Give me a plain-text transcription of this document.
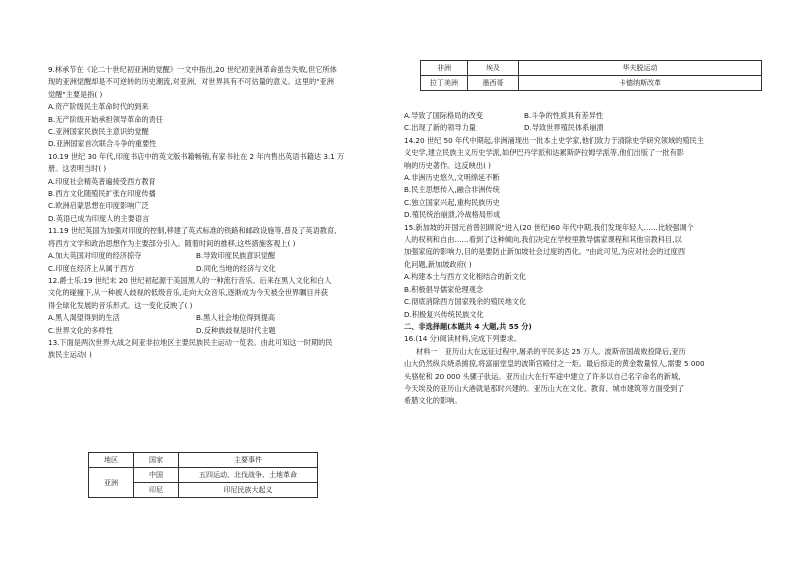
非洲	埃及	华夫脱运动
拉丁美洲	墨西哥	卡德纳斯改革
9.林承节在《论二十世纪初亚洲的觉醒》一文中指出,20 世纪初亚洲革命虽告失败,但它所体
现的亚洲觉醒却是不可逆转的历史潮流,对亚洲、对世界具有不可估量的意义。这里的"亚洲
觉醒"主要是指( )
A.资产阶级民主革命时代的到来
B.无产阶级开始承担领导革命的责任
C.亚洲国家民族民主意识的觉醒
D.亚洲国家首次联合斗争的重要性
10.19 世纪 30 年代,印度书店中的英文版书籍畅销,有家书社在 2 年内售出英语书籍达 3.1 万
册。这表明当时( )
A.印度社会精英普遍接受西方教育
B.西方文化随殖民扩张在印度传播
C.欧洲启蒙思想在印度影响广泛
D.英语已成为印度人的主要语言
11.19 世纪英国为加强对印度的控制,移建了英式标准的铁路和邮政设施等,普及了英语教育,
将西方文学和政治思想作为主要部分引入。随着时间的推移,这些措施客观上( )
A.加大英国对印度的经济掠夺	B.导致印度民族意识觉醒
C.印度在经济上从属于西方	D.同化当地的经济与文化
12.爵士乐:19 世纪末 20 世纪初起源于美国黑人的一种流行音乐。后来在黑人文化和白人
文化的碰撞下,从一种被人歧视的低级音乐,走向大众音乐,逐渐成为今天被全世界瞩目并获
得全球化发展的音乐形式。这一变化反映了( )
A.黑人渴望得到的生活	B.黑人社会地位得到提高
C.世界文化的多样性	D.反种族歧视是时代主题
13.下面是两次世界大战之间亚非拉地区主要民族民主运动一览表。由此可知这一时期的民
族民主运动( )
地区	国家	主要事件
亚洲	中国	五四运动、北伐战争、土地革命
	印尼	印尼民族大起义
A.导致了国际格局的改变	B.斗争的性质具有差异性
C.出现了新的领导力量	D.导致世界殖民体系崩溃
14.20 世纪 50 年代中期起,非洲涌现出一批本土史学家,他们致力于清除史学研究领域的殖民主
义史学,建立民族主义历史学派,如伊巴丹学派和达累斯萨拉姆学派等,他们出版了一批有影
响的历史著作。这反映出( )
A.非洲历史悠久,文明绵延不断
B.民主思想传入,融合非洲传统
C.独立国家兴起,重构民族历史
D.殖民统治崩溃,冷战格局形成
15.新加坡的开国元首曾回顾说"进入(20 世纪)60 年代中期,我们发现年轻人……比较强调个
人的权利和自由……看到了这种倾向,我们决定在学校里教导儒家课程和其他宗教科目,以
加强家庭的影响力,目的是要防止新加坡社会过度的西化。"由此可见,为应对社会的过度西
化问题,新加坡政府( )
A.构建本土与西方文化相结合的新文化
B.积极倡导儒家伦理观念
C.彻底消除西方国家残余的殖民地文化
D.积极复兴传统民族文化
二、非选择题(本题共 4 大题,共 55 分)
16.(14 分)阅读材料,完成下列要求。
材料一　亚历山大在远征过程中,屠杀的平民多达 25 万人。波斯帝国战败投降后,亚历
山大仍然纵兵烧杀掳掠,将富丽堂皇的波斯宫殿付之一炬。最后掠走的黄金数量惊人,需要 5 000
头骆驼和 20 000 头骡子驮运。亚历山大在行军途中建立了许多以自己名字命名的新城,
今天埃及的亚历山大港就是那时兴建的。亚历山大在文化、教育、城市建筑等方面受到了
希腊文化的影响。
